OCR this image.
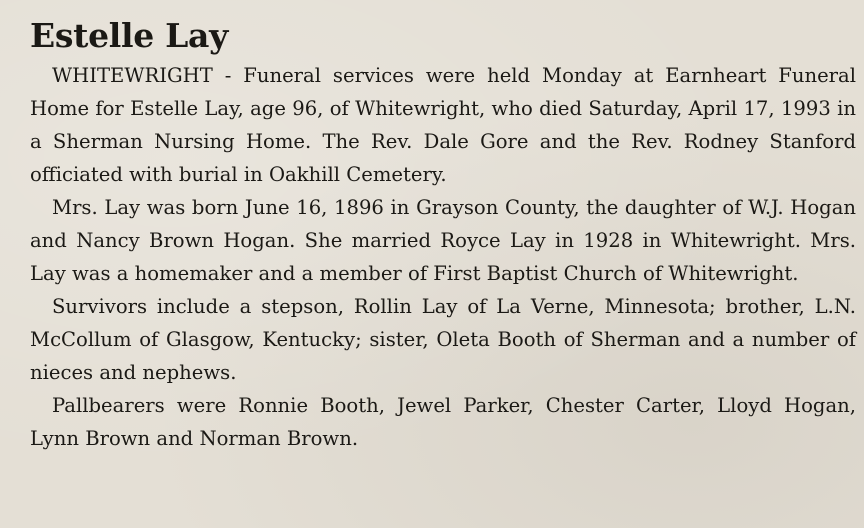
Estelle Lay

WHITEWRIGHT - Funeral services were held Monday at Earnheart Funeral Home for Estelle Lay, age 96, of Whitewright, who died Saturday, April 17, 1993 in a Sherman Nursing Home. The Rev. Dale Gore and the Rev. Rodney Stanford officiated with burial in Oakhill Cemetery.

Mrs. Lay was born June 16, 1896 in Grayson County, the daughter of W.J. Hogan and Nancy Brown Hogan. She married Royce Lay in 1928 in Whitewright. Mrs. Lay was a homemaker and a member of First Baptist Church of Whitewright.

Survivors include a stepson, Rollin Lay of La Verne, Minnesota; brother, L.N. McCollum of Glasgow, Kentucky; sister, Oleta Booth of Sherman and a number of nieces and nephews.

Pallbearers were Ronnie Booth, Jewel Parker, Chester Carter, Lloyd Hogan, Lynn Brown and Norman Brown.
